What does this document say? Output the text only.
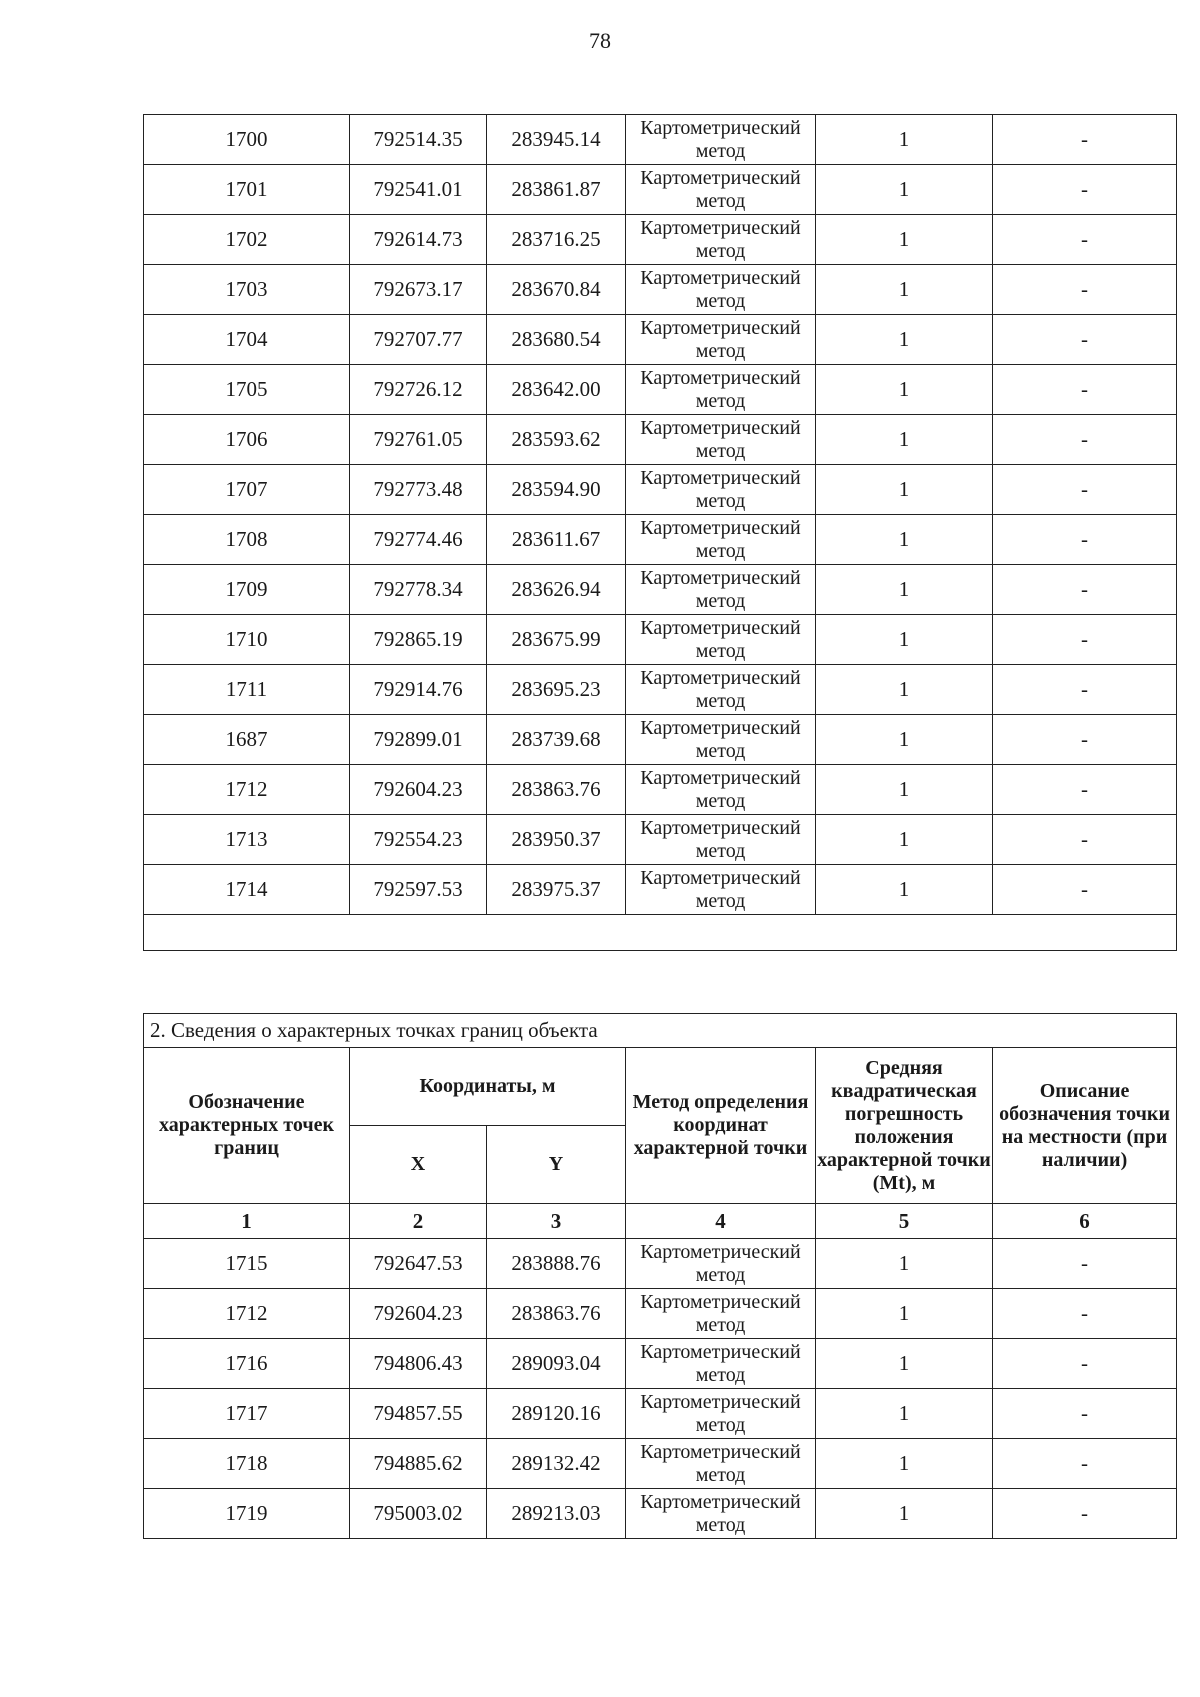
78
1700	792514.35	283945.14	Картометрический метод	1	-
1701	792541.01	283861.87	Картометрический метод	1	-
1702	792614.73	283716.25	Картометрический метод	1	-
1703	792673.17	283670.84	Картометрический метод	1	-
1704	792707.77	283680.54	Картометрический метод	1	-
1705	792726.12	283642.00	Картометрический метод	1	-
1706	792761.05	283593.62	Картометрический метод	1	-
1707	792773.48	283594.90	Картометрический метод	1	-
1708	792774.46	283611.67	Картометрический метод	1	-
1709	792778.34	283626.94	Картометрический метод	1	-
1710	792865.19	283675.99	Картометрический метод	1	-
1711	792914.76	283695.23	Картометрический метод	1	-
1687	792899.01	283739.68	Картометрический метод	1	-
1712	792604.23	283863.76	Картометрический метод	1	-
1713	792554.23	283950.37	Картометрический метод	1	-
1714	792597.53	283975.37	Картометрический метод	1	-

2. Сведения о характерных точках границ объекта					
Обозначение характерных точек границ	Координаты, м		Метод определения координат характерной точки	Средняя квадратическая погрешность положения характерной точки (Mt), м	Описание обозначения точки на местности (при наличии)
	X	Y			
1	2	3	4	5	6
1715	792647.53	283888.76	Картометрический метод	1	-
1712	792604.23	283863.76	Картометрический метод	1	-
1716	794806.43	289093.04	Картометрический метод	1	-
1717	794857.55	289120.16	Картометрический метод	1	-
1718	794885.62	289132.42	Картометрический метод	1	-
1719	795003.02	289213.03	Картометрический метод	1	-
